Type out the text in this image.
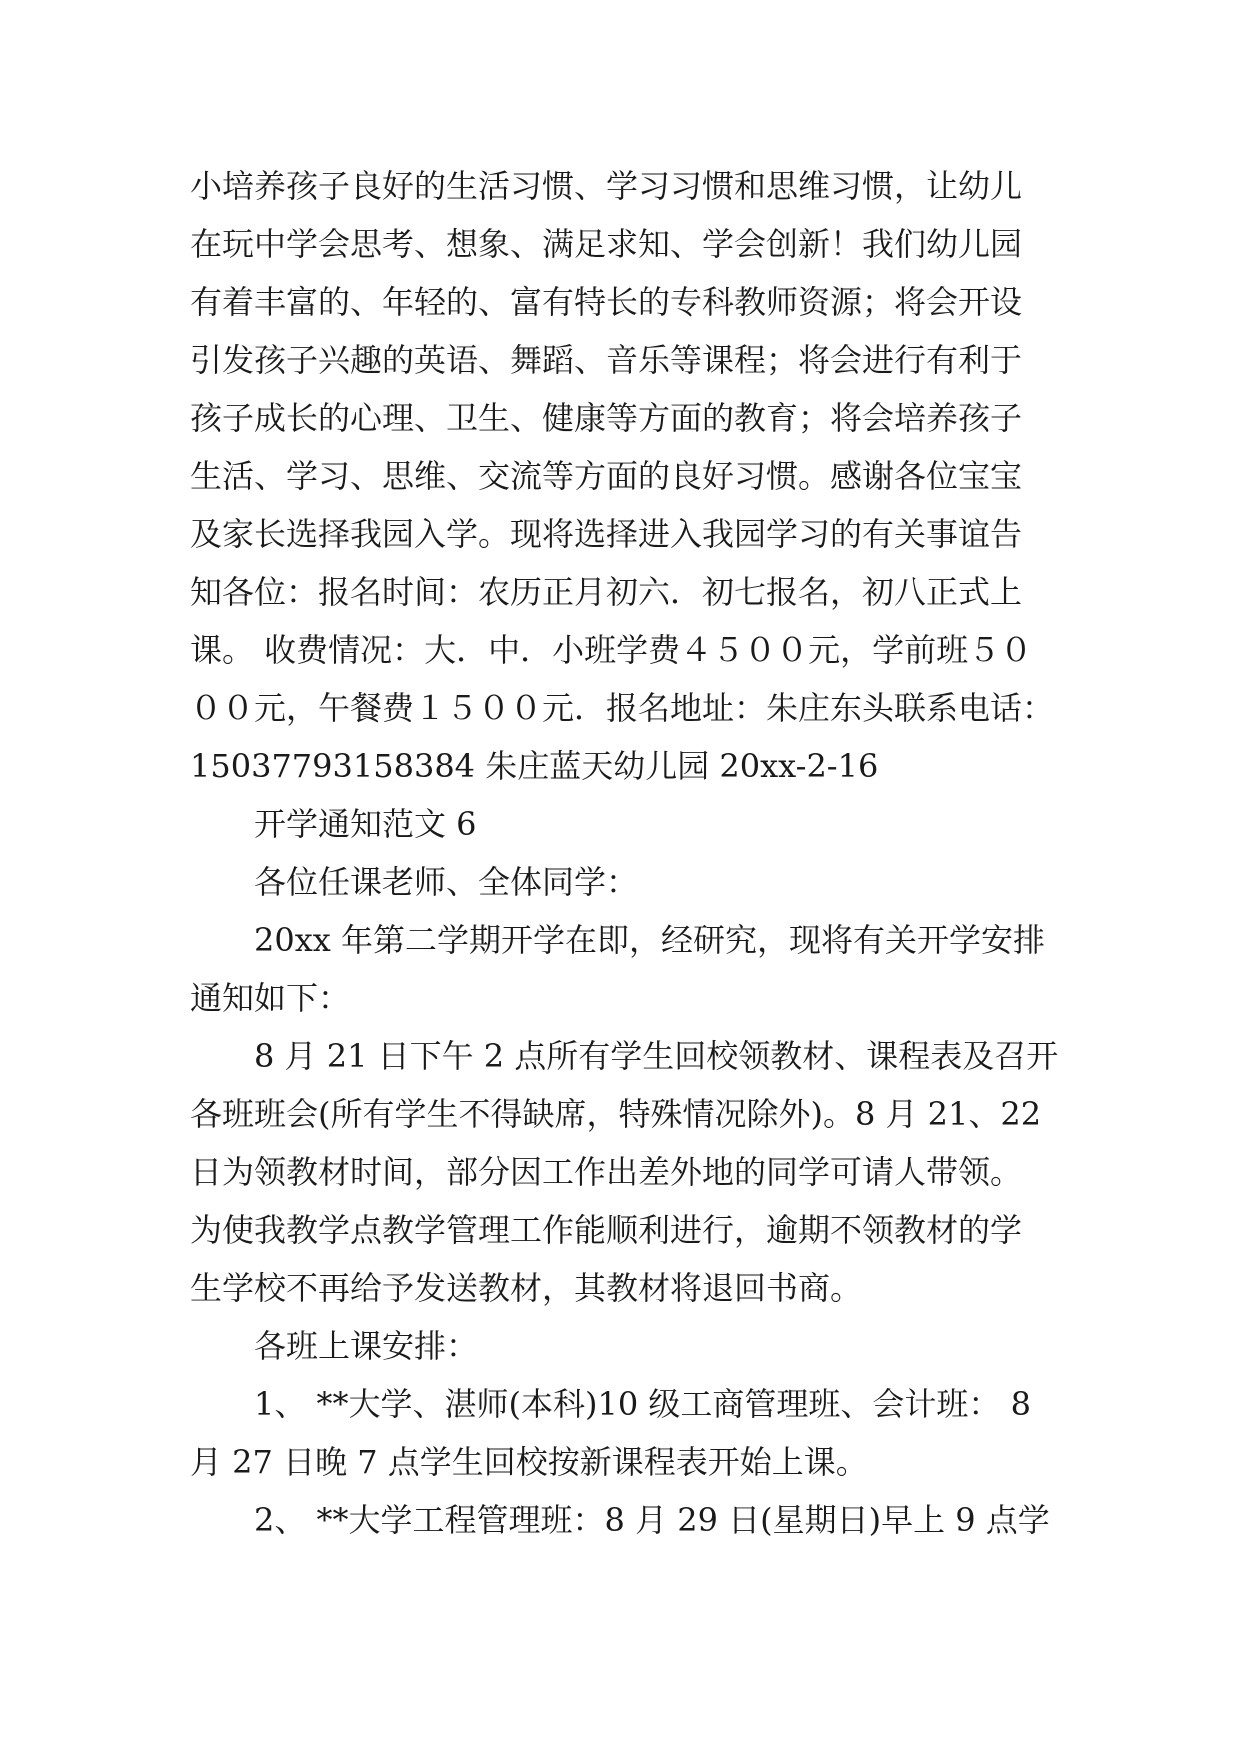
小培养孩子良好的生活习惯、学习习惯和思维习惯，让幼儿
在玩中学会思考、想象、满足求知、学会创新！我们幼儿园
有着丰富的、年轻的、富有特长的专科教师资源；将会开设
引发孩子兴趣的英语、舞蹈、音乐等课程；将会进行有利于
孩子成长的心理、卫生、健康等方面的教育；将会培养孩子
生活、学习、思维、交流等方面的良好习惯。感谢各位宝宝
及家长选择我园入学。现将选择进入我园学习的有关事谊告
知各位：报名时间：农历正月初六．初七报名，初八正式上
课。 收费情况：大．中．小班学费４５００元，学前班５０
００元，午餐费１５００元．报名地址：朱庄东头联系电话：
15037793158384 朱庄蓝天幼儿园 20xx-2-16
开学通知范文 6
各位任课老师、全体同学：
20xx 年第二学期开学在即，经研究，现将有关开学安排
通知如下：
8 月 21 日下午 2 点所有学生回校领教材、课程表及召开
各班班会(所有学生不得缺席，特殊情况除外)。8 月 21、22
日为领教材时间，部分因工作出差外地的同学可请人带领。
为使我教学点教学管理工作能顺利进行，逾期不领教材的学
生学校不再给予发送教材，其教材将退回书商。
各班上课安排：
1、 **大学、湛师(本科)10 级工商管理班、会计班： 8
月 27 日晚 7 点学生回校按新课程表开始上课。
2、 **大学工程管理班：8 月 29 日(星期日)早上 9 点学
